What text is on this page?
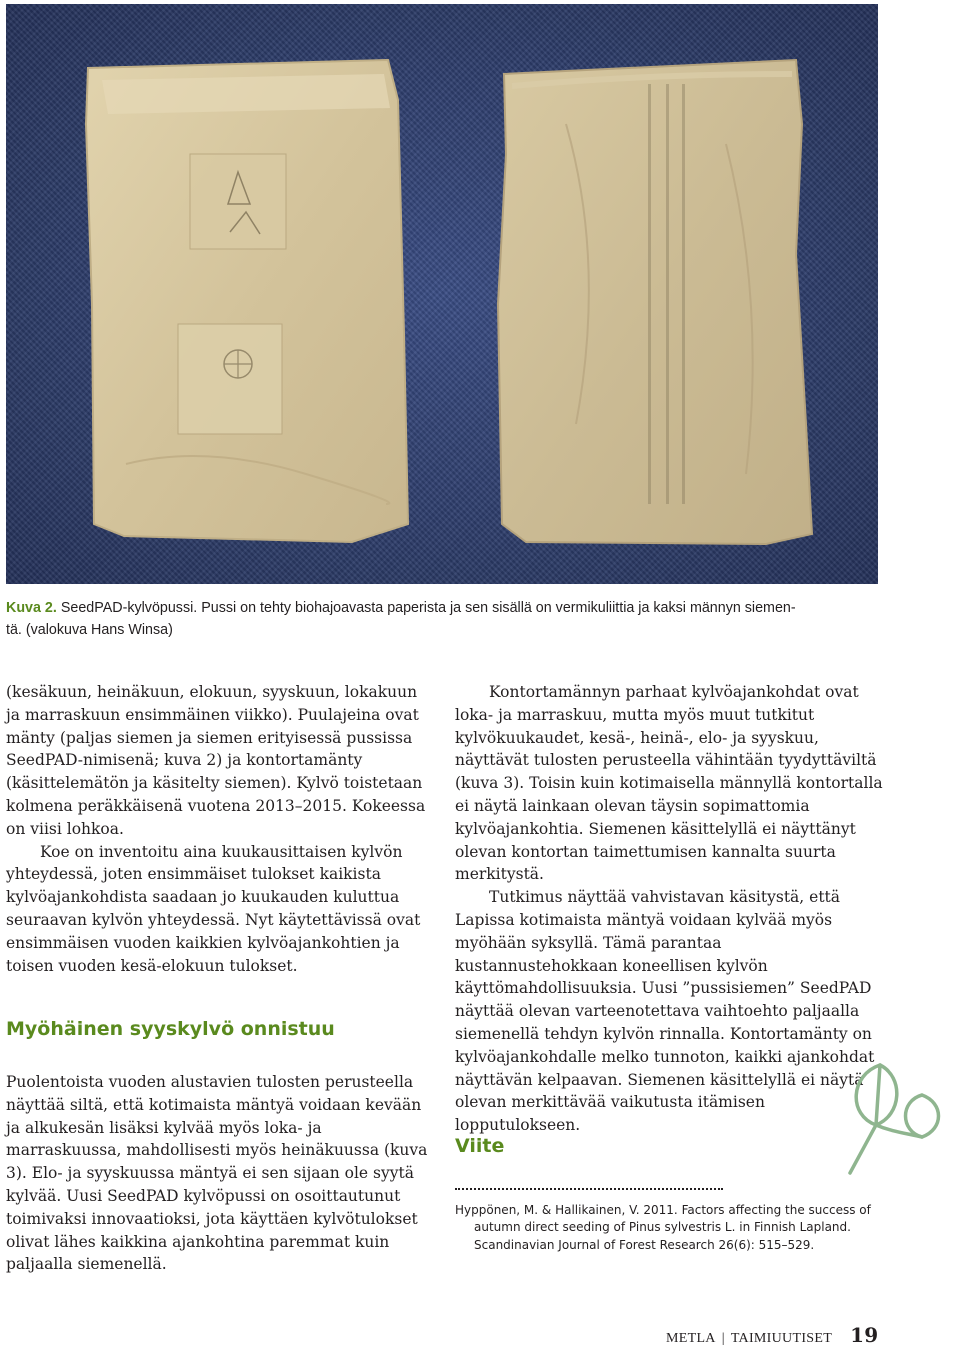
Kuva 2. SeedPAD-kylvöpussi. Pussi on tehty biohajoavasta paperista ja sen sisällä on vermikuliittia ja kaksi männyn siemen-
tä. (valokuva Hans Winsa)

(kesäkuun, heinäkuun, elokuun, syyskuun, lokakuun ja marraskuun ensimmäinen viikko). Puulajeina ovat mänty (paljas siemen ja siemen erityisessä pussissa SeedPAD-nimisenä; kuva 2) ja kontortamänty (käsittelemätön ja käsitelty siemen). Kylvö toistetaan kolmena peräkkäisenä vuotena 2013–2015. Kokeessa on viisi lohkoa.

Koe on inventoitu aina kuukausittaisen kylvön yhteydessä, joten ensimmäiset tulokset kaikista kylvöajankohdista saadaan jo kuukauden kuluttua seuraavan kylvön yhteydessä. Nyt käytettävissä ovat ensimmäisen vuoden kaikkien kylvöajankohtien ja toisen vuoden kesä-elokuun tulokset.

Myöhäinen syyskylvö onnistuu

Puolentoista vuoden alustavien tulosten perusteella näyttää siltä, että kotimaista mäntyä voidaan kevään ja alkukesän lisäksi kylvää myös loka- ja marraskuussa, mahdollisesti myös heinäkuussa (kuva 3). Elo- ja syyskuussa mäntyä ei sen sijaan ole syytä kylvää. Uusi SeedPAD kylvöpussi on osoittautunut toimivaksi innovaatioksi, jota käyttäen kylvötulokset olivat lähes kaikkina ajankohtina paremmat kuin paljaalla siemenellä.

Kontortamännyn parhaat kylvöajankohdat ovat loka- ja marraskuu, mutta myös muut tutkitut kylvökuukaudet, kesä-, heinä-, elo- ja syyskuu, näyttävät tulosten perusteella vähintään tyydyttäviltä (kuva 3). Toisin kuin kotimaisella männyllä kontortalla ei näytä lainkaan olevan täysin sopimattomia kylvöajankohtia. Siemenen käsittelyllä ei näyttänyt olevan kontortan taimettumisen kannalta suurta merkitystä.

Tutkimus näyttää vahvistavan käsitystä, että Lapissa kotimaista mäntyä voidaan kylvää myös myöhään syksyllä. Tämä parantaa kustannustehokkaan koneellisen kylvön käyttömahdollisuuksia. Uusi ”pussisiemen” SeedPAD näyttää olevan varteenotettava vaihtoehto paljaalla siemenellä tehdyn kylvön rinnalla. Kontortamänty on kylvöajankohdalle melko tunnoton, kaikki ajankohdat näyttävän kelpaavan. Siemenen käsittelyllä ei näytä olevan merkittävää vaikutusta itämisen lopputulokseen.

Viite

Hyppönen, M. & Hallikainen, V. 2011. Factors affecting the success of autumn direct seeding of Pinus sylvestris L. in Finnish Lapland. Scandinavian Journal of Forest Research 26(6): 515–529.

METLA | TAIMIUUTISET 19
